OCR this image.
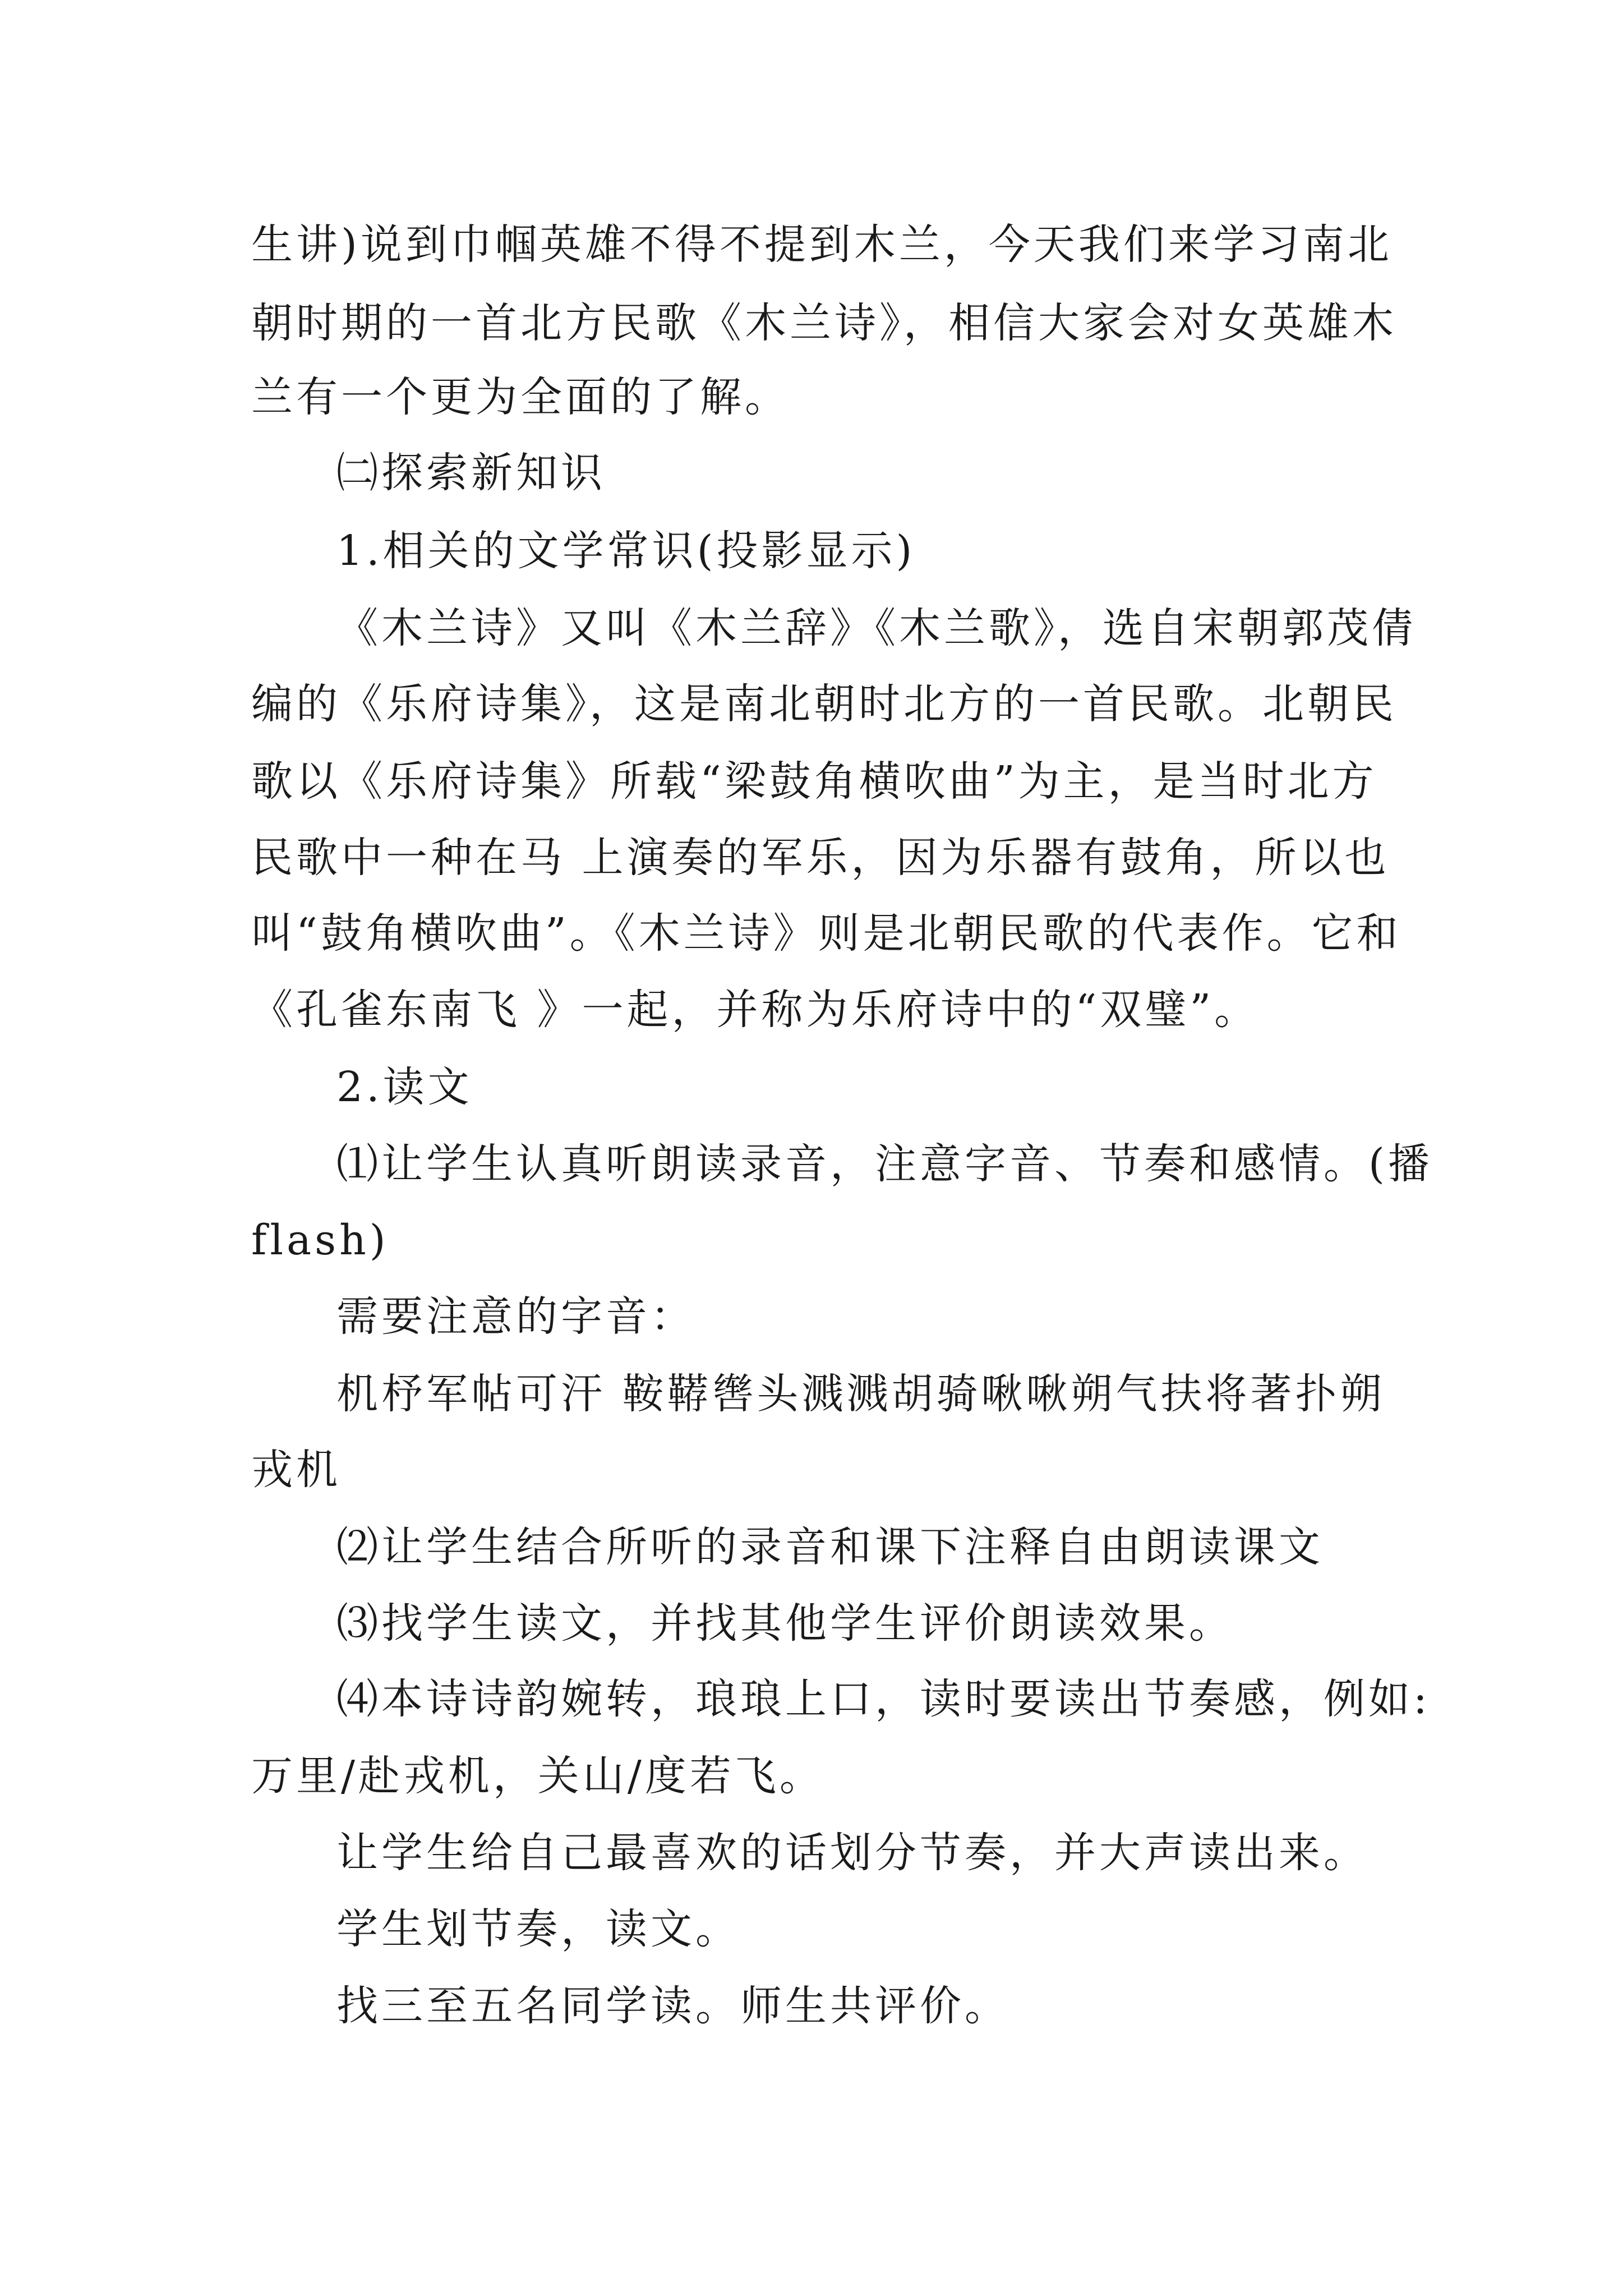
生讲)说到巾帼英雄不得不提到木兰，今天我们来学习南北
朝时期的一首北方民歌《木兰诗》，相信大家会对女英雄木
兰有一个更为全面的了解。
㈡探索新知识
1.相关的文学常识(投影显示)
《木兰诗》又叫《木兰辞》《木兰歌》，选自宋朝郭茂倩
编的《乐府诗集》，这是南北朝时北方的一首民歌。北朝民
歌以《乐府诗集》所载“梁鼓角横吹曲”为主，是当时北方
民歌中一种在马 上演奏的军乐，因为乐器有鼓角，所以也
叫“鼓角横吹曲”。《木兰诗》则是北朝民歌的代表作。它和
《孔雀东南飞 》一起，并称为乐府诗中的“双璧”。
2.读文
⑴让学生认真听朗读录音，注意字音、节奏和感情。(播
flash)
需要注意的字音：
机杼军帖可汗 鞍鞯辔头溅溅胡骑啾啾朔气扶将著扑朔
戎机
⑵让学生结合所听的录音和课下注释自由朗读课文
⑶找学生读文，并找其他学生评价朗读效果。
⑷本诗诗韵婉转，琅琅上口，读时要读出节奏感，例如:
万里/赴戎机，关山/度若飞。
让学生给自己最喜欢的话划分节奏，并大声读出来。
学生划节奏，读文。
找三至五名同学读。师生共评价。
